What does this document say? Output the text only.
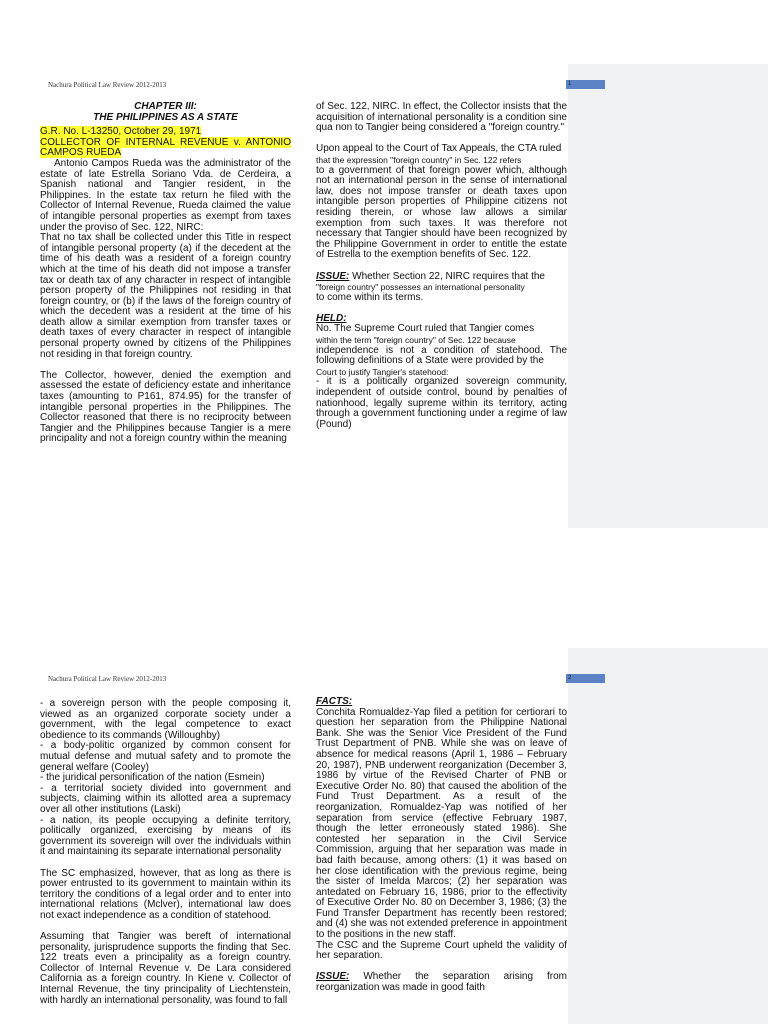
1
Nachura Political Law Review 2012-2013

CHAPTER III:

THE PHILIPPINES AS A STATE

G.R. No. L-13250, October 29, 1971

COLLECTOR OF INTERNAL REVENUE v. ANTONIO CAMPOS RUEDA

Antonio Campos Rueda was the administrator of the estate of late Estrella Soriano Vda. de Cerdeira, a Spanish national and Tangier resident, in the Philippines. In the estate tax return he filed with the Collector of Internal Revenue, Rueda claimed the value of intangible personal properties as exempt from taxes under the proviso of Sec. 122, NIRC:

That no tax shall be collected under this Title in respect of intangible personal property (a) if the decedent at the time of his death was a resident of a foreign country which at the time of his death did not impose a transfer tax or death tax of any character in respect of intangible person property of the Philippines not residing in that foreign country, or (b) if the laws of the foreign country of which the decedent was a resident at the time of his death allow a similar exemption from transfer taxes or death taxes of every character in respect of intangible personal property owned by citizens of the Philippines not residing in that foreign country.

The Collector, however, denied the exemption and assessed the estate of deficiency estate and inheritance taxes (amounting to P161, 874.95) for the transfer of intangible personal properties in the Philippines. The Collector reasoned that there is no reciprocity between Tangier and the Philippines because Tangier is a mere principality and not a foreign country within the meaning

of Sec. 122, NIRC. In effect, the Collector insists that the acquisition of international personality is a condition sine qua non to Tangier being considered a "foreign country."

Upon appeal to the Court of Tax Appeals, the CTA ruled

that the expression "foreign country" in Sec. 122 refers

to a government of that foreign power which, although not an international person in the sense of international law, does not impose transfer or death taxes upon intangible person properties of Philippine citizens not residing therein, or whose law allows a similar exemption from such taxes. It was therefore not necessary that Tangier should have been recognized by the Philippine Government in order to entitle the estate of Estrella to the exemption benefits of Sec. 122.

ISSUE: Whether Section 22, NIRC requires that the

"foreign country" possesses an international personality

to come within its terms.

HELD:

No. The Supreme Court ruled that Tangier comes

within the term "foreign country" of Sec. 122 because

independence is not a condition of statehood. The following definitions of a State were provided by the

Court to justify Tangier's statehood:

- it is a politically organized sovereign community, independent of outside control, bound by penalties of nationhood, legally supreme within its territory, acting through a government functioning under a regime of law (Pound)

2
Nachura Political Law Review 2012-2013

- a sovereign person with the people composing it, viewed as an organized corporate society under a government, with the legal competence to exact obedience to its commands (Willoughby)

- a body-politic organized by common consent for mutual defense and mutual safety and to promote the general welfare (Cooley)

- the juridical personification of the nation (Esmein)

- a territorial society divided into government and subjects, claiming within its allotted area a supremacy over all other institutions (Laski)

- a nation, its people occupying a definite territory, politically organized, exercising by means of its government its sovereign will over the individuals within it and maintaining its separate international personality

The SC emphasized, however, that as long as there is power entrusted to its government to maintain within its territory the conditions of a legal order and to enter into international relations (Mclver), international law does not exact independence as a condition of statehood.

Assuming that Tangier was bereft of international personality, jurisprudence supports the finding that Sec. 122 treats even a principality as a foreign country. Collector of Internal Revenue v. De Lara considered California as a foreign country. In Kiene v. Collector of Internal Revenue, the tiny principality of Liechtenstein, with hardly an international personality, was found to fall

FACTS:

Conchita Romualdez-Yap filed a petition for certiorari to question her separation from the Philippine National Bank. She was the Senior Vice President of the Fund Trust Department of PNB. While she was on leave of absence for medical reasons (April 1, 1986 – February 20, 1987), PNB underwent reorganization (December 3, 1986 by virtue of the Revised Charter of PNB or Executive Order No. 80) that caused the abolition of the Fund Trust Department. As a result of the reorganization, Romualdez-Yap was notified of her separation from service (effective February 1987, though the letter erroneously stated 1986). She contested her separation in the Civil Service Commission, arguing that her separation was made in bad faith because, among others: (1) it was based on her close identification with the previous regime, being the sister of Imelda Marcos; (2) her separation was antedated on February 16, 1986, prior to the effectivity of Executive Order No. 80 on December 3, 1986; (3) the Fund Transfer Department has recently been restored; and (4) she was not extended preference in appointment to the positions in the new staff.

The CSC and the Supreme Court upheld the validity of her separation.

ISSUE: Whether the separation arising from reorganization was made in good faith
